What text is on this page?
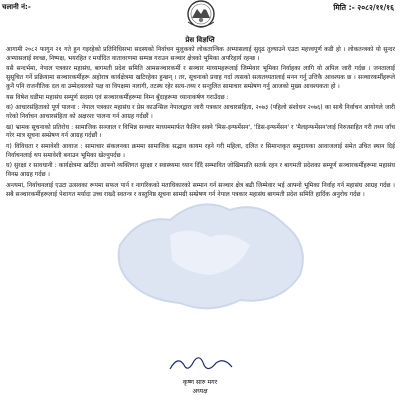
चलानी नं:-	मिति :- २०८२/११/१६
प्रेस विज्ञप्ति

आगामी २०८२ फागुन २१ गते हुन गइरहेको प्रतिनिधिसभा सदस्यको निर्वाचन मुलुकको लोकतान्त्रिक अभ्यासलाई सुदृढ तुल्याउने एउटा महत्त्वपूर्ण कडी हो । लोकतन्त्रको यो सुन्दर अभ्यासलाई स्वच्छ, निष्पक्ष, भयरहित र मर्यादित वातावरणमा सम्पन्न गराउन सञ्चार क्षेत्रको भूमिका अपरिहार्य रहन्छ ।

यसै सन्दर्भमा, नेपाल पत्रकार महासंघ, बागमती प्रदेश समिति आमसञ्चारकर्मी र सञ्चार माध्यमहरूलाई जिम्मेवार भूमिका निर्वाहका लागि यो अपिल जारी गर्दछ । जनतालाई सुसूचित गर्ने प्रक्रियामा सञ्चारकर्मीहरू अहोरात्र कार्यक्षेत्रमा खटिरहेका हुन्छन् । तर, सूचनाको प्रवाह गर्दा त्यसको सत्यतथ्यतालाई मनन गर्नु उत्तिकै आवश्यक छ । सञ्चारकर्मीहरूले कुनै पनि राजनीतिक दल वा उम्मेदवारको पक्ष वा विपक्षमा नलागी, तटस्थ रहेर सत्य-तथ्य र सन्तुलित सामाचार सम्प्रेषण गर्नु आजको मुख्य आवश्यकता हो ।

यस विषेश घडीमा महासंघ सम्पूर्ण सदस्य एवं सञ्चारकर्मीहरूमा निम्न बुँदाहरूमा ध्यानाकर्षण गराउँदछ :

क) आचारसंहिताको पूर्ण पालना : नेपाल पत्रकार महासंघ र प्रेस काउन्सिल नेपालद्वारा जारी पत्रकार आचारसंहिता, २०७३ (पहिलो संशोधन २०७६) का साथै निर्वाचन आयोगले जारी गरेको निर्वाचन आचारसंहिता को अक्षरशः पालना गर्न आग्रह गर्दछौं ।

ख) भ्रामक सूचनाको प्रतिरोध : सामाजिक सञ्जाल र विभिन्न सञ्चार माध्यममार्फत फैलिन सक्ने 'मिस-इन्फर्मेसन', 'डिस-इन्फर्मेसन' र 'मैलइन्फर्मेसन'लाई निरुत्साहित गरी तथ्य जाँच गरेर मात्र सूचना सम्प्रेषण गर्न आग्रह गर्दछौं ।

ग) विविधता र समावेशी आवाज : सामाचार संकलनका क्रममा सामाजिक सद्भाव कायम रहने गरी महिला, दलित र सिमान्तकृत समुदायका आवाजलाई समेत उचित स्थान दिई निर्वाचनलाई थप समावेशी बनाउन भूमिका खेल्नुपर्दछ ।

घ) सुरक्षा र सावधानी : कार्यक्षेत्रमा खटिँदा आफ्नो व्यक्तिगत सुरक्षा र स्वास्थ्यमा ध्यान दिँदै सम्भावित जोखिमप्रति सतर्क रहन र बागमती प्रदेशका सम्पूर्ण सञ्चारकर्मीहरूमा महासंघ विनम्र आग्रह गर्दछ ।

अन्त्यमा, निर्वाचनलाई एउटा उत्सवका रूपमा सफल पार्न र नागरिकको मताधिकारको सम्मान गर्न सञ्चार क्षेत्र बढी जिम्मेवार भई आफ्नो भूमिका निर्वाह गर्न महासंघ आग्रह गर्दछ । सबै सञ्चारकर्मीहरूलाई पेशागत मर्यादा उच्च राख्दै स्वतन्त्र र वस्तुनिष्ठ सूचना सामग्री सम्प्रेषण गर्न नेपाल पत्रकार महासंघ बागमती प्रदेश समिति हार्दिक अनुरोध गर्दछ ।

कृष्ण सारु मगर
अध्यक्ष
